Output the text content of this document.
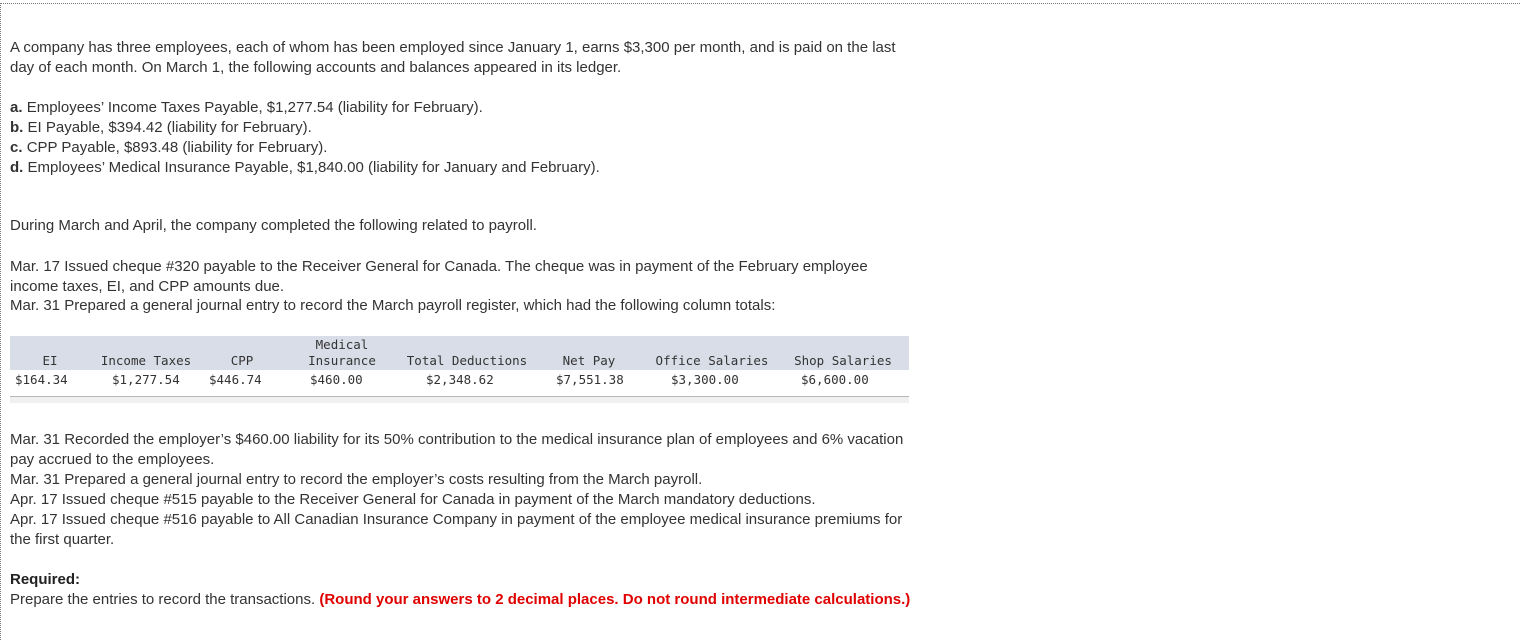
A company has three employees, each of whom has been employed since January 1, earns $3,300 per month, and is paid on the last
day of each month. On March 1, the following accounts and balances appeared in its ledger.
a. Employees’ Income Taxes Payable, $1,277.54 (liability for February).
b. EI Payable, $394.42 (liability for February).
c. CPP Payable, $893.48 (liability for February).
d. Employees’ Medical Insurance Payable, $1,840.00 (liability for January and February).
During March and April, the company completed the following related to payroll.
Mar. 17 Issued cheque #320 payable to the Receiver General for Canada. The cheque was in payment of the February employee
income taxes, EI, and CPP amounts due.
Mar. 31 Prepared a general journal entry to record the March payroll register, which had the following column totals:
EI	Income Taxes	CPP
Medical
Insurance	Total Deductions	Net Pay	Office Salaries	Shop Salaries
$164.34	$1,277.54 $446.74	$460.00	$2,348.62	$7,551.38	$3,300.00	$6,600.00
Mar. 31 Recorded the employer’s $460.00 liability for its 50% contribution to the medical insurance plan of employees and 6% vacation
pay accrued to the employees.
Mar. 31 Prepared a general journal entry to record the employer’s costs resulting from the March payroll.
Apr. 17 Issued cheque #515 payable to the Receiver General for Canada in payment of the March mandatory deductions.
Apr. 17 Issued cheque #516 payable to All Canadian Insurance Company in payment of the employee medical insurance premiums for
the first quarter.
Required:
Prepare the entries to record the transactions. (Round your answers to 2 decimal places. Do not round intermediate calculations.)
